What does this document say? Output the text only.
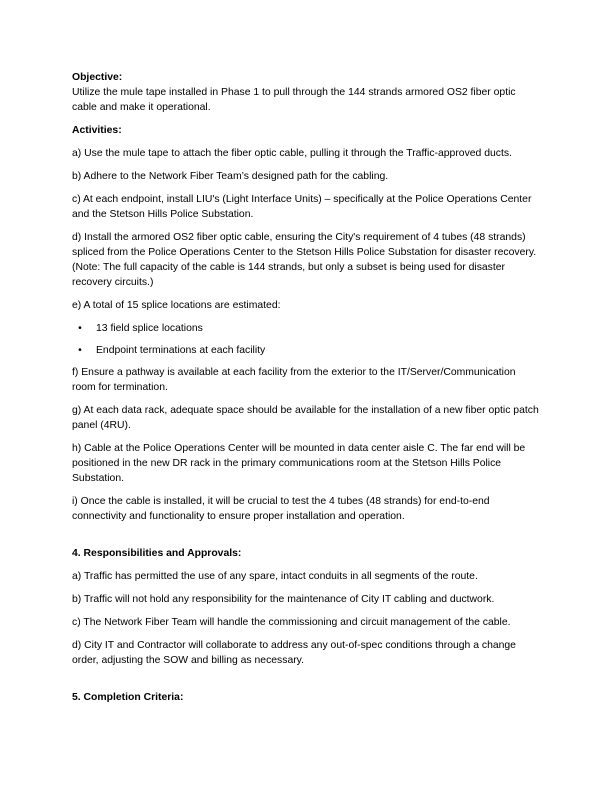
Objective:

Utilize the mule tape installed in Phase 1 to pull through the 144 strands armored OS2 fiber optic cable and make it operational.

Activities:

a) Use the mule tape to attach the fiber optic cable, pulling it through the Traffic-approved ducts.

b) Adhere to the Network Fiber Team’s designed path for the cabling.

c) At each endpoint, install LIU's (Light Interface Units) – specifically at the Police Operations Center and the Stetson Hills Police Substation.

d) Install the armored OS2 fiber optic cable, ensuring the City's requirement of 4 tubes (48 strands) spliced from the Police Operations Center to the Stetson Hills Police Substation for disaster recovery. (Note: The full capacity of the cable is 144 strands, but only a subset is being used for disaster recovery circuits.)

e) A total of 15 splice locations are estimated:

•	13 field splice locations
•	Endpoint terminations at each facility

f) Ensure a pathway is available at each facility from the exterior to the IT/Server/Communication room for termination.

g) At each data rack, adequate space should be available for the installation of a new fiber optic patch panel (4RU).

h) Cable at the Police Operations Center will be mounted in data center aisle C. The far end will be positioned in the new DR rack in the primary communications room at the Stetson Hills Police Substation.

i) Once the cable is installed, it will be crucial to test the 4 tubes (48 strands) for end-to-end connectivity and functionality to ensure proper installation and operation.

4. Responsibilities and Approvals:

a) Traffic has permitted the use of any spare, intact conduits in all segments of the route.

b) Traffic will not hold any responsibility for the maintenance of City IT cabling and ductwork.

c) The Network Fiber Team will handle the commissioning and circuit management of the cable.

d) City IT and Contractor will collaborate to address any out-of-spec conditions through a change order, adjusting the SOW and billing as necessary.

5. Completion Criteria:
